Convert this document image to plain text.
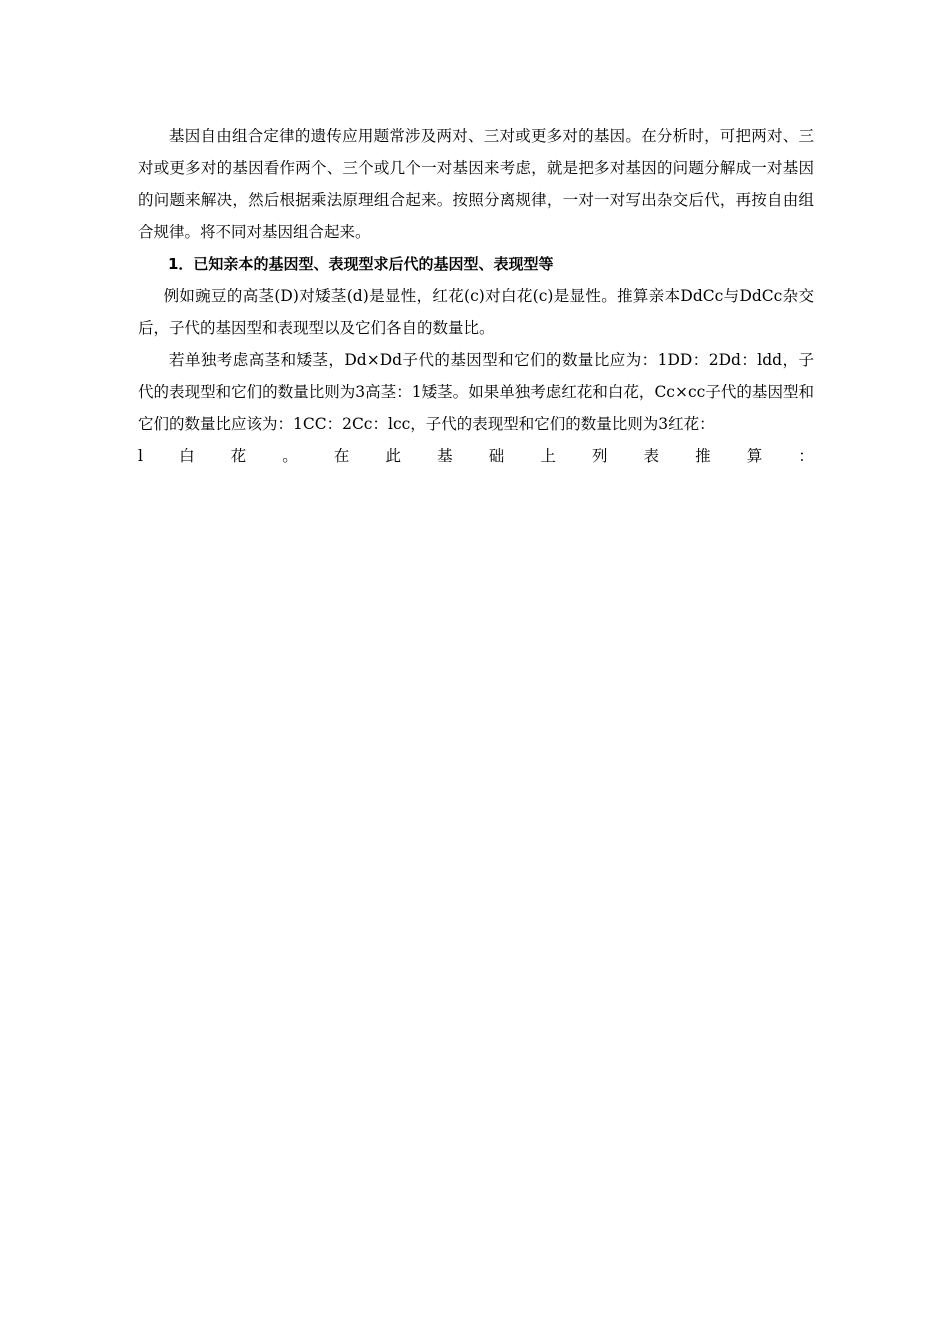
基因自由组合定律的遗传应用题常涉及两对、三对或更多对的基因。在分析时，可把两对、三对或更多对的基因看作两个、三个或几个一对基因来考虑，就是把多对基因的问题分解成一对基因的问题来解决，然后根据乘法原理组合起来。按照分离规律，一对一对写出杂交后代，再按自由组合规律。将不同对基因组合起来。

1．已知亲本的基因型、表现型求后代的基因型、表现型等

例如豌豆的高茎(D)对矮茎(d)是显性，红花(c)对白花(c)是显性。推算亲本DdCc与DdCc杂交后，子代的基因型和表现型以及它们各自的数量比。

若单独考虑高茎和矮茎，Dd×Dd子代的基因型和它们的数量比应为：1DD：2Dd：ldd，子代的表现型和它们的数量比则为3高茎：1矮茎。如果单独考虑红花和白花，Cc×cc子代的基因型和它们的数量比应该为：1CC：2Cc：lcc，子代的表现型和它们的数量比则为3红花：

l 白 花 。 在 此 基 础 上 列 表 推 算 ：
